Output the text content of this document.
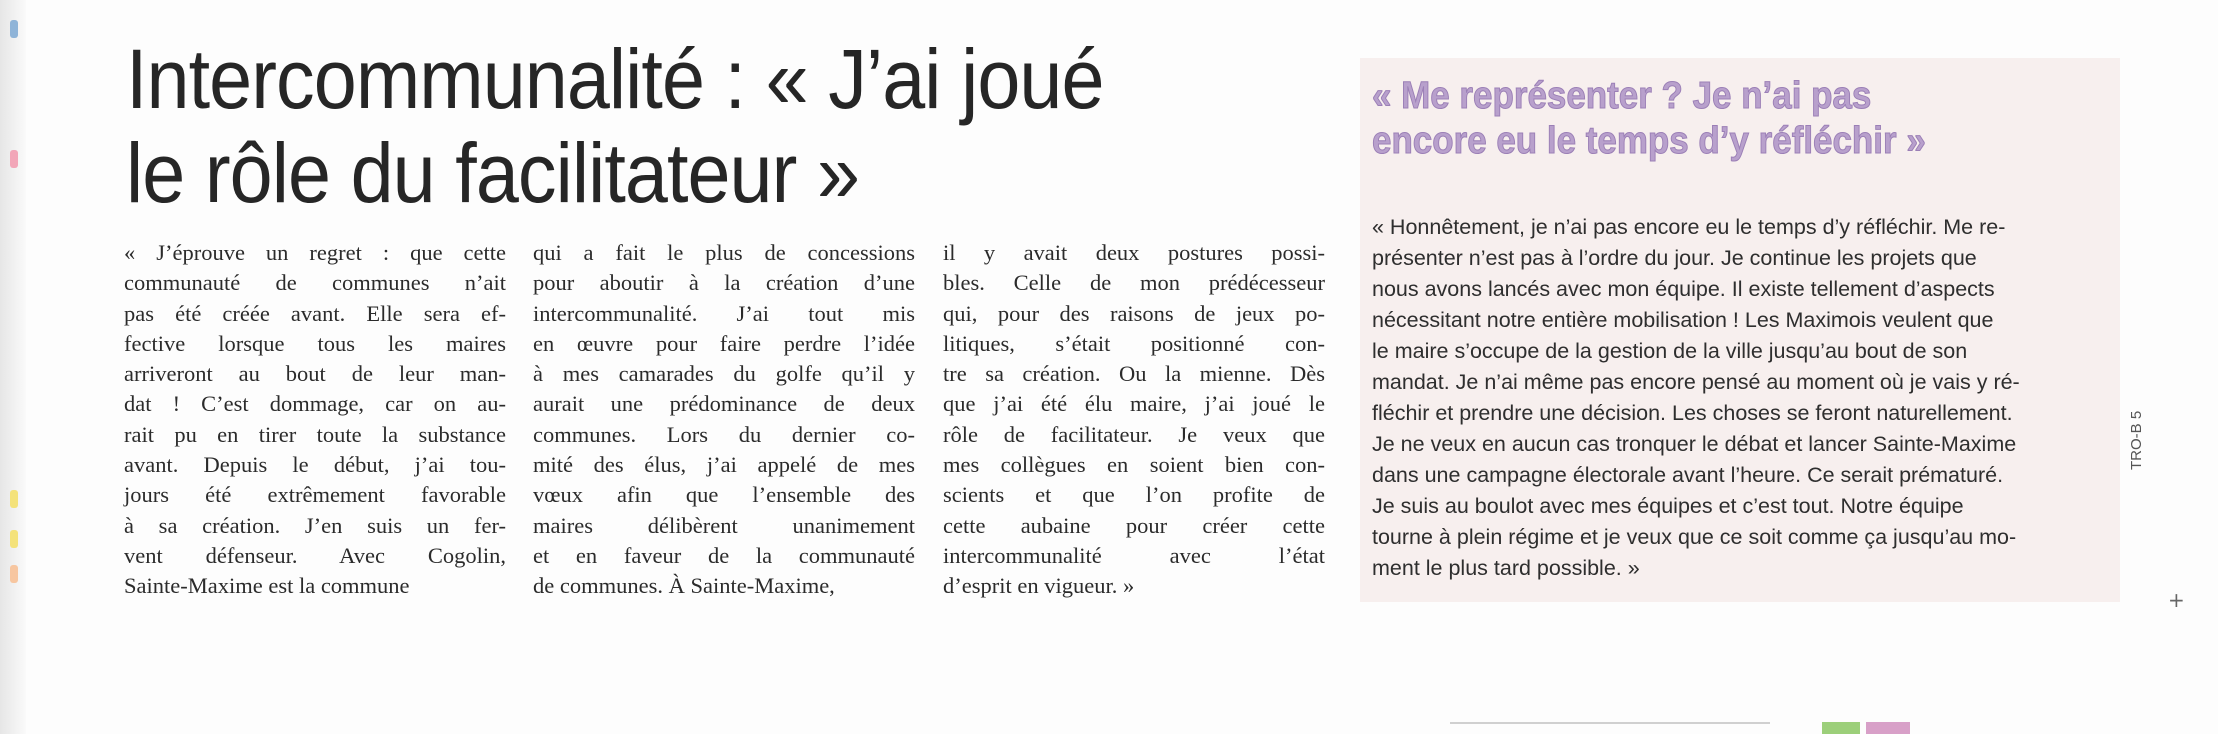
Intercommunalité : « J’ai joué
le rôle du facilitateur »
« J’éprouve un regret : que cette
communauté de communes n’ait
pas été créée avant. Elle sera ef-
fective lorsque tous les maires
arriveront au bout de leur man-
dat ! C’est dommage, car on au-
rait pu en tirer toute la substance
avant. Depuis le début, j’ai tou-
jours été extrêmement favorable
à sa création. J’en suis un fer-
vent défenseur. Avec Cogolin,
Sainte-Maxime est la commune
qui a fait le plus de concessions
pour aboutir à la création d’une
intercommunalité. J’ai tout mis
en œuvre pour faire perdre l’idée
à mes camarades du golfe qu’il y
aurait une prédominance de deux
communes. Lors du dernier co-
mité des élus, j’ai appelé de mes
vœux afin que l’ensemble des
maires délibèrent unanimement
et en faveur de la communauté
de communes. À Sainte-Maxime,
il y avait deux postures possi-
bles. Celle de mon prédécesseur
qui, pour des raisons de jeux po-
litiques, s’était positionné con-
tre sa création. Ou la mienne. Dès
que j’ai été élu maire, j’ai joué le
rôle de facilitateur. Je veux que
mes collègues en soient bien con-
scients et que l’on profite de
cette aubaine pour créer cette
intercommunalité avec l’état
d’esprit en vigueur. »
« Me représenter ? Je n’ai pas
encore eu le temps d’y réfléchir »
« Honnêtement, je n’ai pas encore eu le temps d’y réfléchir. Me re-
présenter n’est pas à l’ordre du jour. Je continue les projets que
nous avons lancés avec mon équipe. Il existe tellement d’aspects
nécessitant notre entière mobilisation ! Les Maximois veulent que
le maire s’occupe de la gestion de la ville jusqu’au bout de son
mandat. Je n’ai même pas encore pensé au moment où je vais y ré-
fléchir et prendre une décision. Les choses se feront naturellement.
Je ne veux en aucun cas tronquer le débat et lancer Sainte-Maxime
dans une campagne électorale avant l’heure. Ce serait prématuré.
Je suis au boulot avec mes équipes et c’est tout. Notre équipe
tourne à plein régime et je veux que ce soit comme ça jusqu’au mo-
ment le plus tard possible. »
TRO-B 5
+
